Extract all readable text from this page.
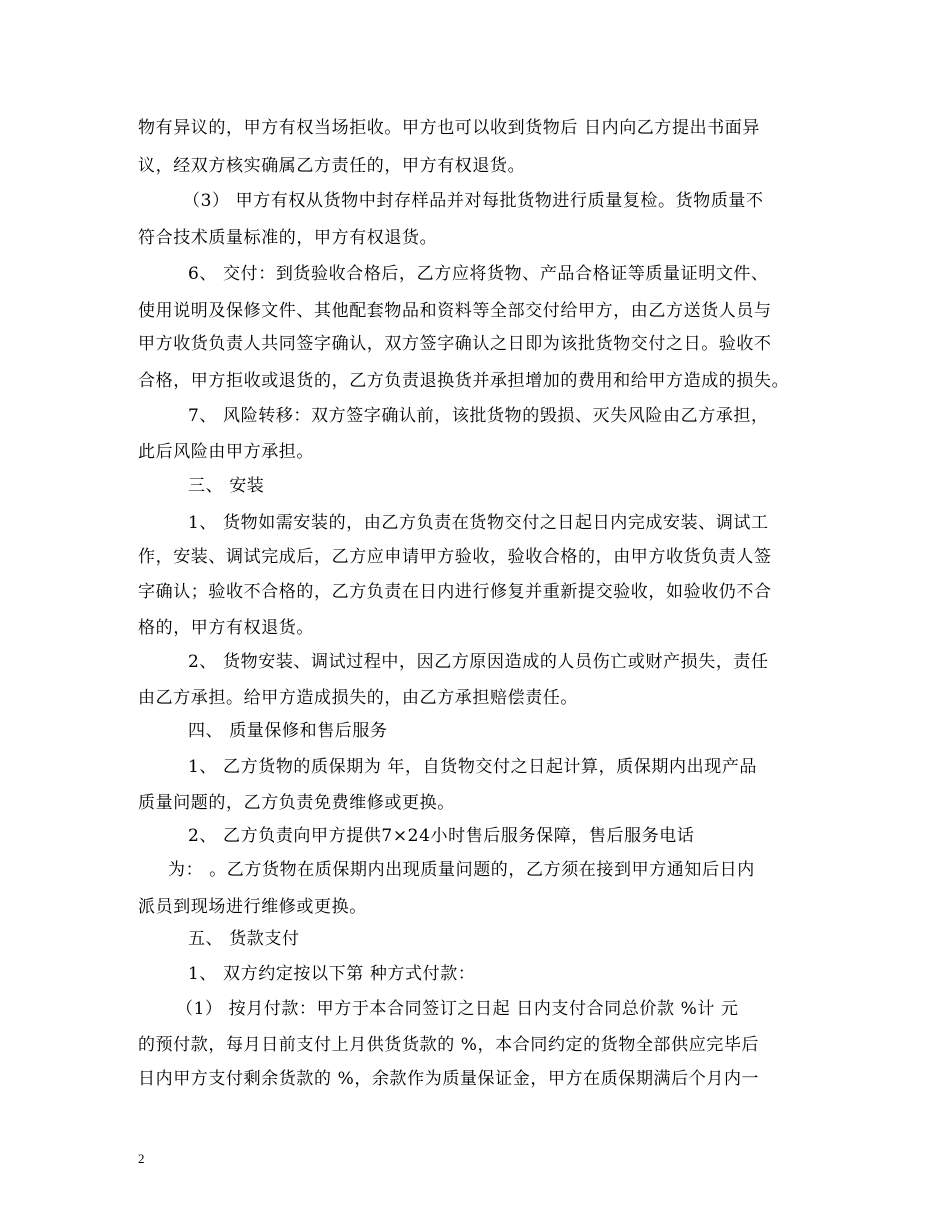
物有异议的，甲方有权当场拒收。甲方也可以收到货物后 日内向乙方提出书面异
议，经双方核实确属乙方责任的，甲方有权退货。
（3） 甲方有权从货物中封存样品并对每批货物进行质量复检。货物质量不
符合技术质量标准的，甲方有权退货。
6、 交付：到货验收合格后，乙方应将货物、产品合格证等质量证明文件、
使用说明及保修文件、其他配套物品和资料等全部交付给甲方，由乙方送货人员与
甲方收货负责人共同签字确认，双方签字确认之日即为该批货物交付之日。验收不
合格，甲方拒收或退货的，乙方负责退换货并承担增加的费用和给甲方造成的损失。
7、 风险转移：双方签字确认前，该批货物的毁损、灭失风险由乙方承担，
此后风险由甲方承担。
三、 安装
1、 货物如需安装的，由乙方负责在货物交付之日起日内完成安装、调试工
作，安装、调试完成后，乙方应申请甲方验收，验收合格的，由甲方收货负责人签
字确认；验收不合格的，乙方负责在日内进行修复并重新提交验收，如验收仍不合
格的，甲方有权退货。
2、 货物安装、调试过程中，因乙方原因造成的人员伤亡或财产损失，责任
由乙方承担。给甲方造成损失的，由乙方承担赔偿责任。
四、 质量保修和售后服务
1、 乙方货物的质保期为 年，自货物交付之日起计算，质保期内出现产品
质量问题的，乙方负责免费维修或更换。
2、 乙方负责向甲方提供7×24小时售后服务保障，售后服务电话
为： 。乙方货物在质保期内出现质量问题的，乙方须在接到甲方通知后日内
派员到现场进行维修或更换。
五、 货款支付
1、 双方约定按以下第 种方式付款：
（1） 按月付款：甲方于本合同签订之日起 日内支付合同总价款 %计 元
的预付款，每月日前支付上月供货货款的 %，本合同约定的货物全部供应完毕后
日内甲方支付剩余货款的 %，余款作为质量保证金，甲方在质保期满后个月内一
2
